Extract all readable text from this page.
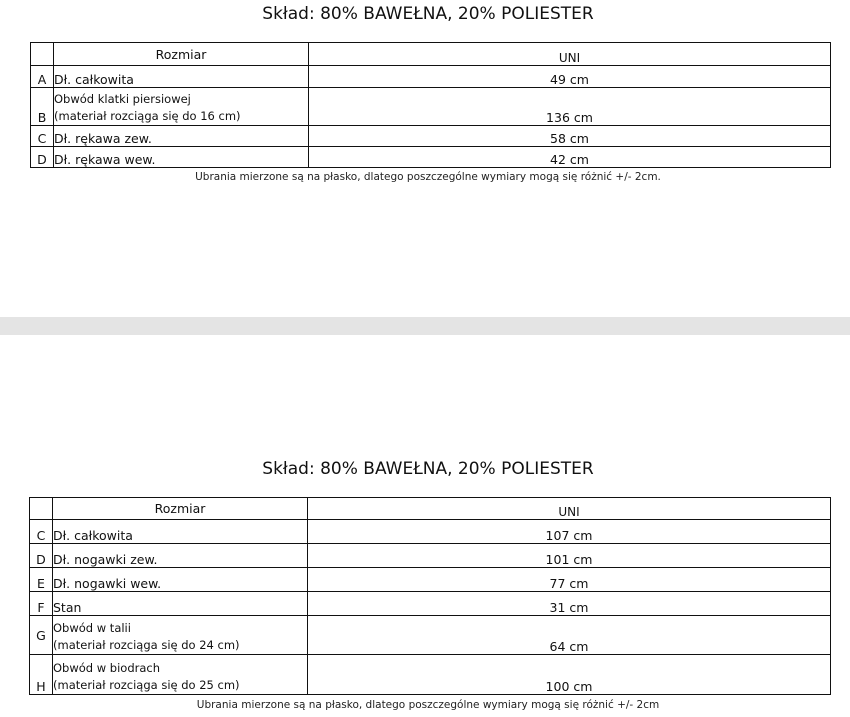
Skład: 80% BAWEŁNA, 20% POLIESTER
	Rozmiar	UNI
A	Dł. całkowita	49 cm
B	Obwód klatki piersiowej
(materiał rozciąga się do 16 cm)	136 cm
C	Dł. rękawa zew.	58 cm
D	Dł. rękawa wew.	42 cm
Ubrania mierzone są na płasko, dlatego poszczególne wymiary mogą się różnić +/- 2cm.
Skład: 80% BAWEŁNA, 20% POLIESTER
	Rozmiar	UNI
C	Dł. całkowita	107 cm
D	Dł. nogawki zew.	101 cm
E	Dł. nogawki wew.	77 cm
F	Stan	31 cm
G	Obwód w talii
(materiał rozciąga się do 24 cm)	64 cm
H	Obwód w biodrach
(materiał rozciąga się do 25 cm)	100 cm
Ubrania mierzone są na płasko, dlatego poszczególne wymiary mogą się różnić +/- 2cm
